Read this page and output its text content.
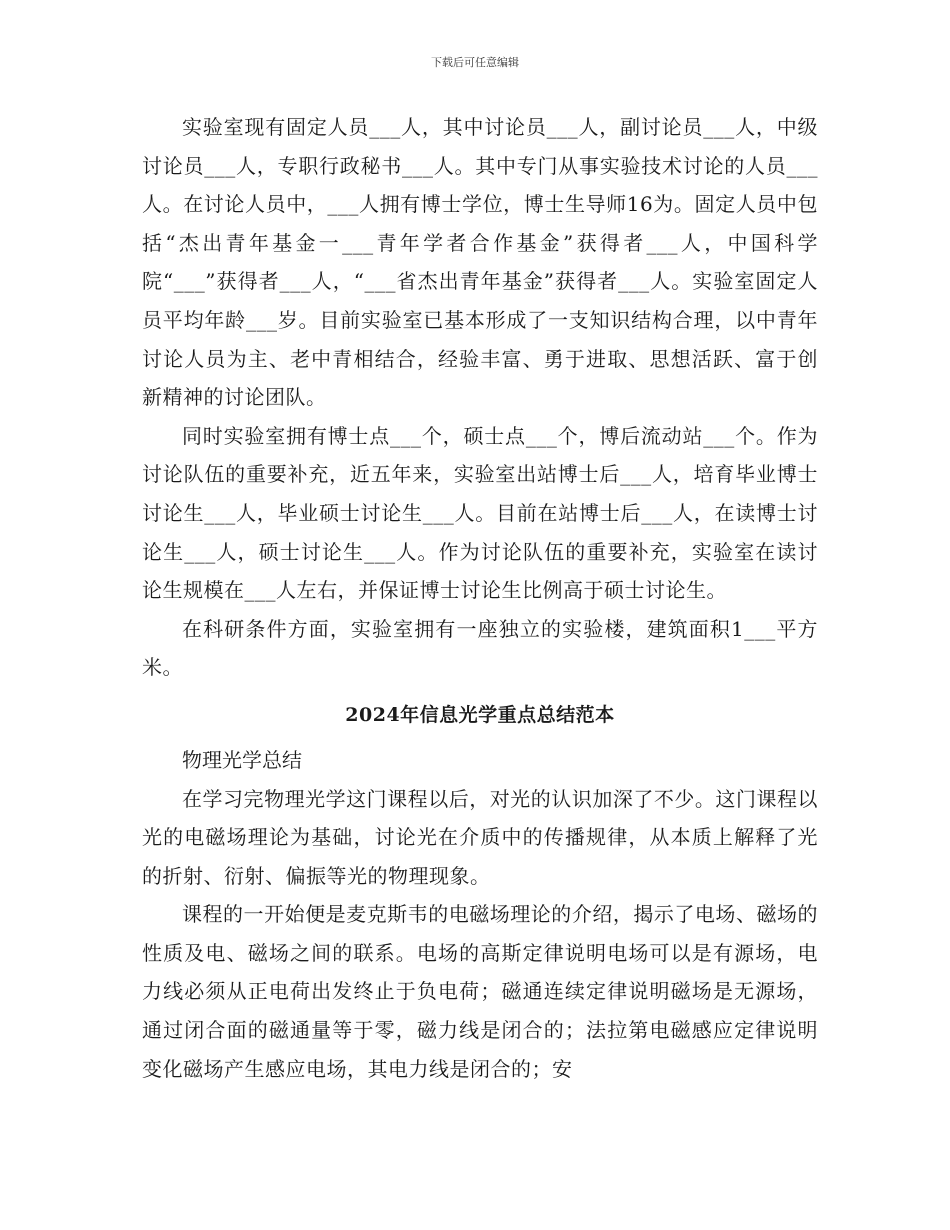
下载后可任意编辑

实验室现有固定人员___人，其中讨论员___人，副讨论员___人，中级讨论员___人，专职行政秘书___人。其中专门从事实验技术讨论的人员___人。在讨论人员中，___人拥有博士学位，博士生导师16为。固定人员中包括“杰出青年基金一___青年学者合作基金”获得者___人，中国科学院“___”获得者___人，“___省杰出青年基金”获得者___人。实验室固定人员平均年龄___岁。目前实验室已基本形成了一支知识结构合理，以中青年讨论人员为主、老中青相结合，经验丰富、勇于进取、思想活跃、富于创新精神的讨论团队。

同时实验室拥有博士点___个，硕士点___个，博后流动站___个。作为讨论队伍的重要补充，近五年来，实验室出站博士后___人，培育毕业博士讨论生___人，毕业硕士讨论生___人。目前在站博士后___人，在读博士讨论生___人，硕士讨论生___人。作为讨论队伍的重要补充，实验室在读讨论生规模在___人左右，并保证博士讨论生比例高于硕士讨论生。

在科研条件方面，实验室拥有一座独立的实验楼，建筑面积1___平方米。

2024年信息光学重点总结范本

物理光学总结

在学习完物理光学这门课程以后，对光的认识加深了不少。这门课程以光的电磁场理论为基础，讨论光在介质中的传播规律，从本质上解释了光的折射、衍射、偏振等光的物理现象。

课程的一开始便是麦克斯韦的电磁场理论的介绍，揭示了电场、磁场的性质及电、磁场之间的联系。电场的高斯定律说明电场可以是有源场，电力线必须从正电荷出发终止于负电荷；磁通连续定律说明磁场是无源场，通过闭合面的磁通量等于零，磁力线是闭合的；法拉第电磁感应定律说明变化磁场产生感应电场，其电力线是闭合的；安
